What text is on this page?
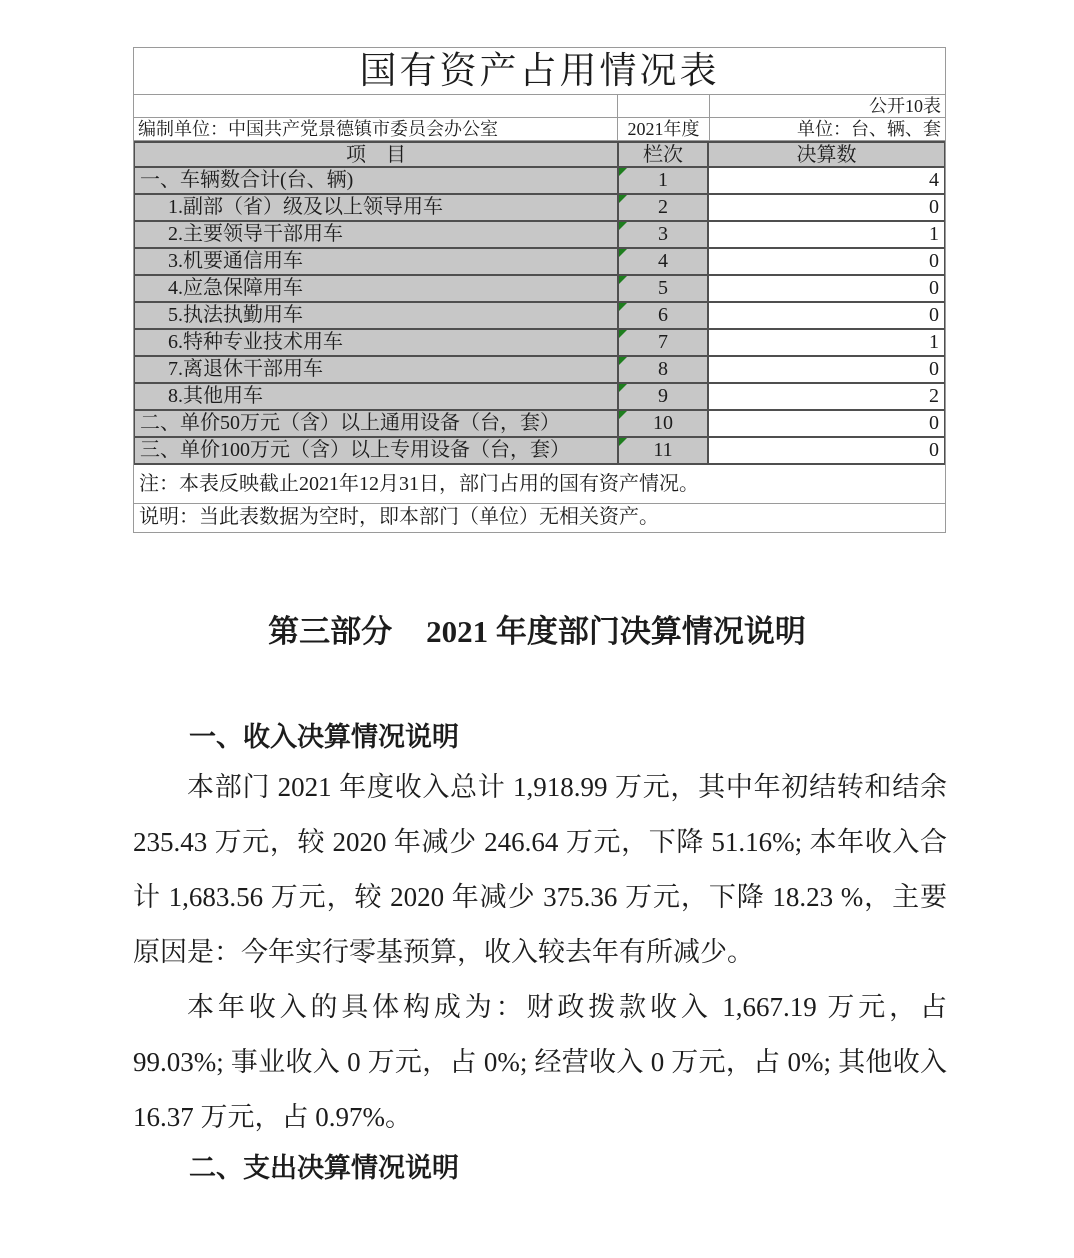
国有资产占用情况表
公开10表
编制单位：中国共产党景德镇市委员会办公室	2021年度	单位：台、辆、套
项　目	栏次	决算数
一、车辆数合计(台、辆)	1	4
1.副部（省）级及以上领导用车	2	0
2.主要领导干部用车	3	1
3.机要通信用车	4	0
4.应急保障用车	5	0
5.执法执勤用车	6	0
6.特种专业技术用车	7	1
7.离退休干部用车	8	0
8.其他用车	9	2
二、单价50万元（含）以上通用设备（台，套）	10	0
三、单价100万元（含）以上专用设备（台，套）	11	0
注：本表反映截止2021年12月31日，部门占用的国有资产情况。
说明：当此表数据为空时，即本部门（单位）无相关资产。
第三部分 2021 年度部门决算情况说明
一、收入决算情况说明

本部门 2021 年度收入总计 1,918.99 万元，其中年初结转和结余 235.43 万元，较 2020 年减少 246.64 万元，下降 51.16%; 本年收入合计 1,683.56 万元，较 2020 年减少 375.36 万元，下降 18.23 %，主要原因是：今年实行零基预算，收入较去年有所减少。

本年收入的具体构成为：财政拨款收入 1,667.19 万元，占 99.03%; 事业收入 0 万元，占 0%; 经营收入 0 万元，占 0%; 其他收入 16.37 万元，占 0.97%。

二、支出决算情况说明
